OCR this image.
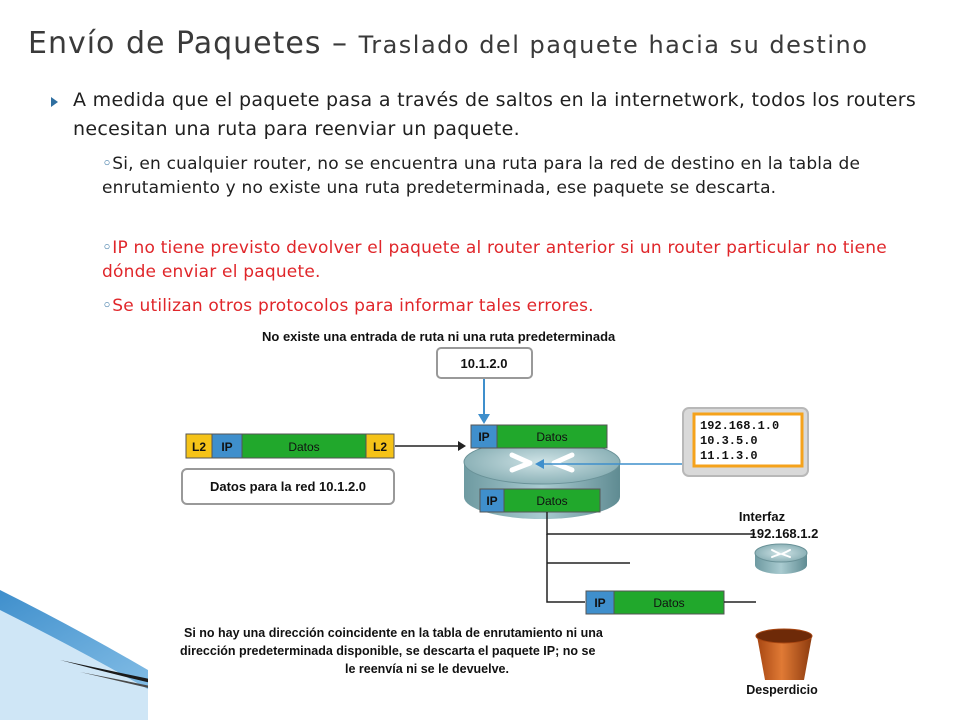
Envío de Paquetes – Traslado del paquete hacia su destino
A medida que el paquete pasa a través de saltos en la internetwork, todos los routers necesitan una ruta para reenviar un paquete.
◦Si, en cualquier router, no se encuentra una ruta para la red de destino en la tabla de enrutamiento y no existe una ruta predeterminada, ese paquete se descarta.
◦IP no tiene previsto devolver el paquete al router anterior si un router particular no tiene dónde enviar el paquete.
◦Se utilizan otros protocolos para informar tales errores.
No existe una entrada de ruta ni una ruta predeterminada
10.1.2.0
L2 IP	Datos	L2
Datos para la red 10.1.2.0
IP	Datos
IP	Datos
192.168.1.0
10.3.5.0
11.1.3.0
Interfaz
192.168.1.2
IP	Datos
Si no hay una dirección coincidente en la tabla de enrutamiento ni una dirección predeterminada disponible, se descarta el paquete IP; no se le reenvía ni se le devuelve.
Desperdicio
